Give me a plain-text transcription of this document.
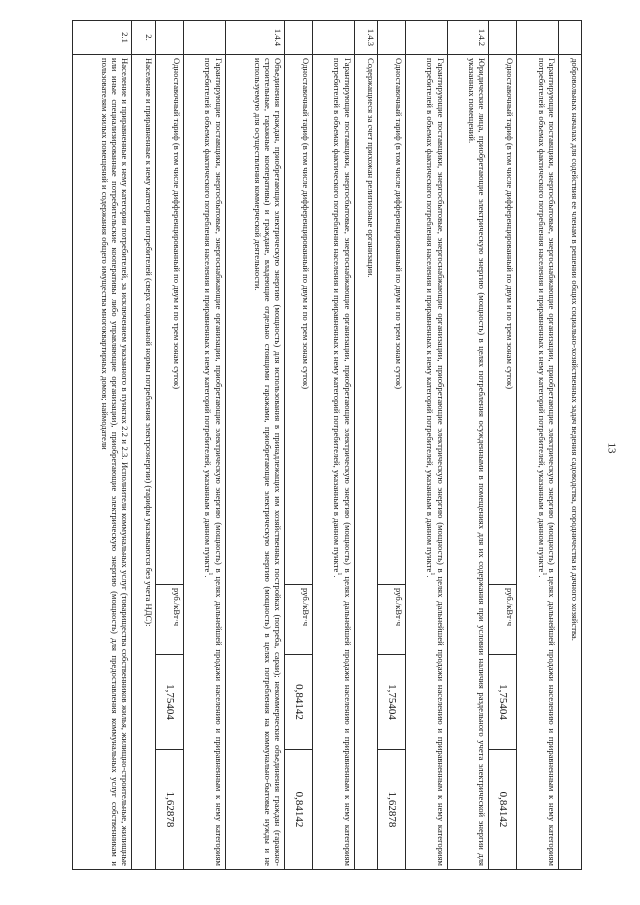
13
	добровольных началах для содействия ее членам в решении общих социально-хозяйственных задач ведения садоводства, огородничества и дачного хозяйства.			
	Гарантирующие поставщики, энергосбытовые, энергоснабжающие организации, приобретающие электрическую энергию (мощность) в целях дальнейшей продажи населению и приравненным к нему категориям потребителей в объемах фактического потребления населения и приравненных к нему категорий потребителей, указанным в данном пункте$^1$.			
	Одноставочный тариф (в том числе дифференцированный по двум и по трем зонам суток)	руб./кВт·ч	1,75404	0,84142
1.4.2	Юридические лица, приобретающие электрическую энергию (мощность) в целях потребления осужденными в помещениях для их содержания при условии наличия раздельного учета электрической энергии для указанных помещений.			
	Гарантирующие поставщики, энергосбытовые, энергоснабжающие организации, приобретающие электрическую энергию (мощность) в целях дальнейшей продажи населению и приравненным к нему категориям потребителей в объемах фактического потребления населения и приравненных к нему категорий потребителей, указанным в данном пункте$^1$.			
	Одноставочный тариф (в том числе дифференцированный по двум и по трем зонам суток)	руб./кВт·ч	1,75404	1,62878
1.4.3	Содержащиеся за счет прихожан религиозные организации.			
	Гарантирующие поставщики, энергосбытовые, энергоснабжающие организации, приобретающие электрическую энергию (мощность) в целях дальнейшей продажи населению и приравненным к нему категориям потребителей в объемах фактического потребления населения и приравненных к нему категорий потребителей, указанным в данном пункте$^1$.			
	Одноставочный тариф (в том числе дифференцированный по двум и по трем зонам суток)	руб./кВт·ч	0,84142	0,84142
1.4.4	Объединения граждан, приобретающих электрическую энергию (мощность) для использования в принадлежащих им хозяйственных постройках (погреба, сараи); некоммерческие объединения граждан (гаражно-строительные, гаражные кооперативы) и граждане, владеющие отдельно стоящими гаражами, приобретающие электрическую энергию (мощность) в целях потребления на коммунально-бытовые нужды и не используемую для осуществления коммерческой деятельности.			
	Гарантирующие поставщики, энергосбытовые, энергоснабжающие организации, приобретающие электрическую энергию (мощность) в целях дальнейшей продажи населению и приравненным к нему категориям потребителей в объемах фактического потребления населения и приравненных к нему категорий потребителей, указанным в данном пункте$^1$.			
	Одноставочный тариф (в том числе дифференцированный по двум и по трем зонам суток)	руб./кВт·ч	1,75404	1,62878
2.	Население и приравненные к нему категории потребителей (сверх социальной нормы потребления электроэнергии) (тарифы указываются без учета НДС):			
2.1	Население и приравненные к нему категории потребителей, за исключением указанного в пунктах 2.2 и 2.3. Исполнители коммунальных услуг (товарищества собственников жилья, жилищно-строительные, жилищные или иные специализированные потребительские кооперативы либо управляющие организации), приобретающие электрическую энергию (мощность) для предоставления коммунальных услуг собственникам и пользователям жилых помещений и содержания общего имущества многоквартирных домов; наймодатели			
